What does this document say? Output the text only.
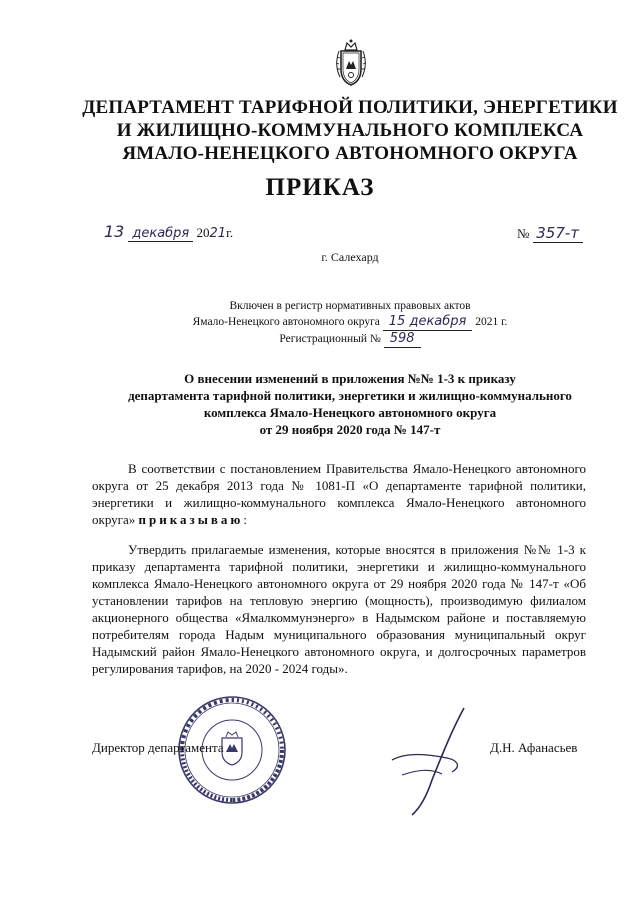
ДЕПАРТАМЕНТ ТАРИФНОЙ ПОЛИТИКИ, ЭНЕРГЕТИКИ
И ЖИЛИЩНО-КОММУНАЛЬНОГО КОМПЛЕКСА
ЯМАЛО-НЕНЕЦКОГО АВТОНОМНОГО ОКРУГА
ПРИКАЗ
13 декабря 2021г.	№ 357-т
г. Салехард
Включен в регистр нормативных правовых актов
Ямало-Ненецкого автономного округа 15 декабря 2021 г.
Регистрационный № 598
О внесении изменений в приложения №№ 1-3 к приказу
департамента тарифной политики, энергетики и жилищно-коммунального
комплекса Ямало-Ненецкого автономного округа
от 29 ноября 2020 года № 147-т
В соответствии с постановлением Правительства Ямало-Ненецкого автономного округа от 25 декабря 2013 года № 1081-П «О департаменте тарифной политики, энергетики и жилищно-коммунального комплекса Ямало-Ненецкого автономного округа» приказываю:
Утвердить прилагаемые изменения, которые вносятся в приложения №№ 1-3 к приказу департамента тарифной политики, энергетики и жилищно-коммунального комплекса Ямало-Ненецкого автономного округа от 29 ноября 2020 года № 147-т «Об установлении тарифов на тепловую энергию (мощность), производимую филиалом акционерного общества «Ямалкоммунэнерго» в Надымском районе и поставляемую потребителям города Надым муниципального образования муниципальный округ Надымский район Ямало-Ненецкого автономного округа, и долгосрочных параметров регулирования тарифов, на 2020 - 2024 годы».
Директор департамента	Д.Н. Афанасьев
